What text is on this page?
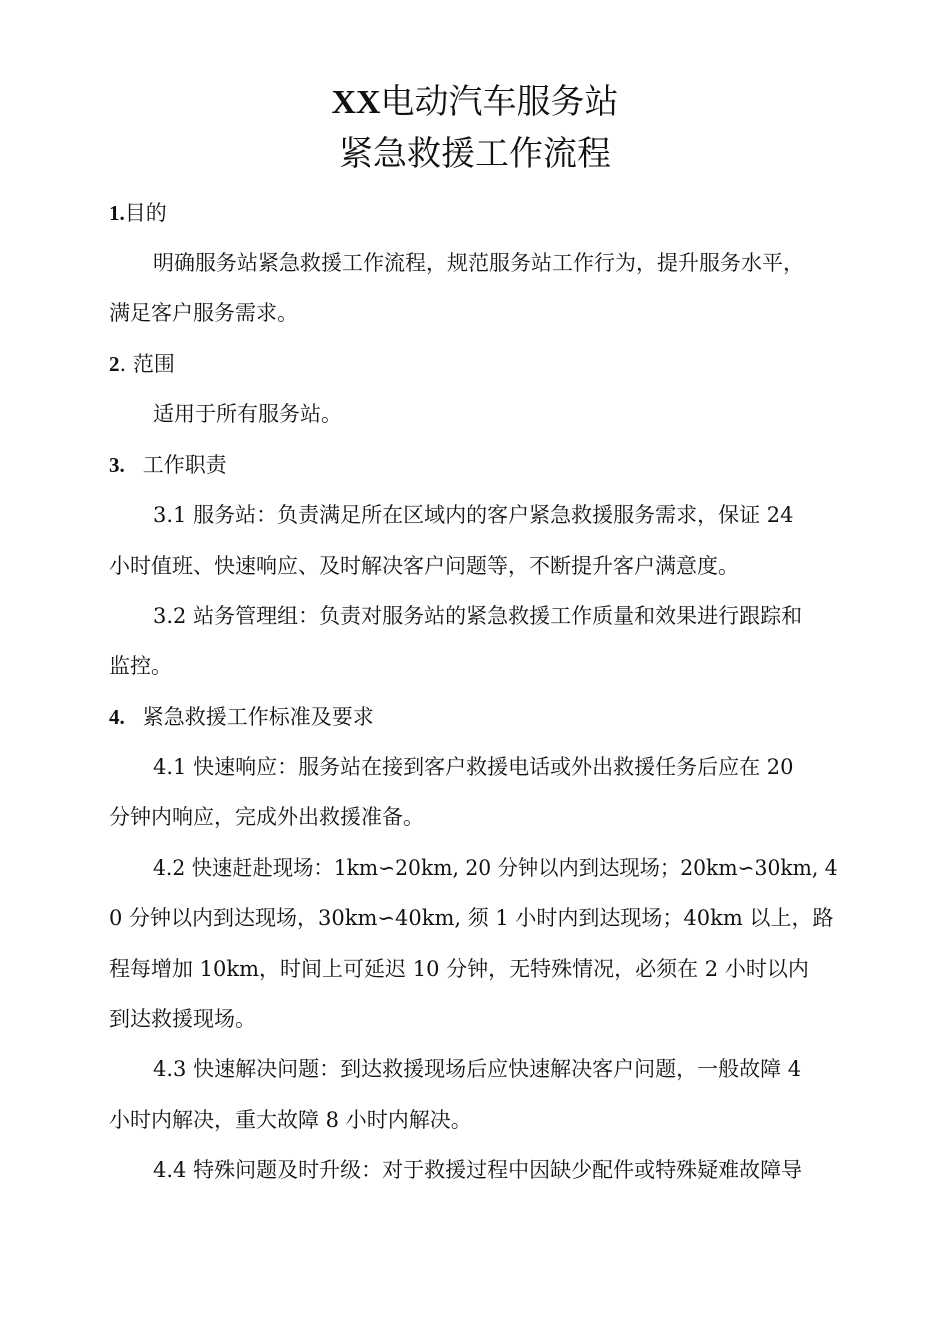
XX电动汽车服务站
紧急救援工作流程
1.目的
明确服务站紧急救援工作流程，规范服务站工作行为，提升服务水平，
满足客户服务需求。
2. 范围
适用于所有服务站。
3. 工作职责
3.1 服务站：负责满足所在区域内的客户紧急救援服务需求，保证 24
小时值班、快速响应、及时解决客户问题等，不断提升客户满意度。
3.2 站务管理组：负责对服务站的紧急救援工作质量和效果进行跟踪和
监控。
4. 紧急救援工作标准及要求
4.1 快速响应：服务站在接到客户救援电话或外出救援任务后应在 20
分钟内响应，完成外出救援准备。
4.2 快速赶赴现场：1km∽20km, 20 分钟以内到达现场；20km∽30km, 4
0 分钟以内到达现场，30km∽40km, 须 1 小时内到达现场；40km 以上，路
程每增加 10km，时间上可延迟 10 分钟，无特殊情况，必须在 2 小时以内
到达救援现场。
4.3 快速解决问题：到达救援现场后应快速解决客户问题，一般故障 4
小时内解决，重大故障 8 小时内解决。
4.4 特殊问题及时升级：对于救援过程中因缺少配件或特殊疑难故障导
